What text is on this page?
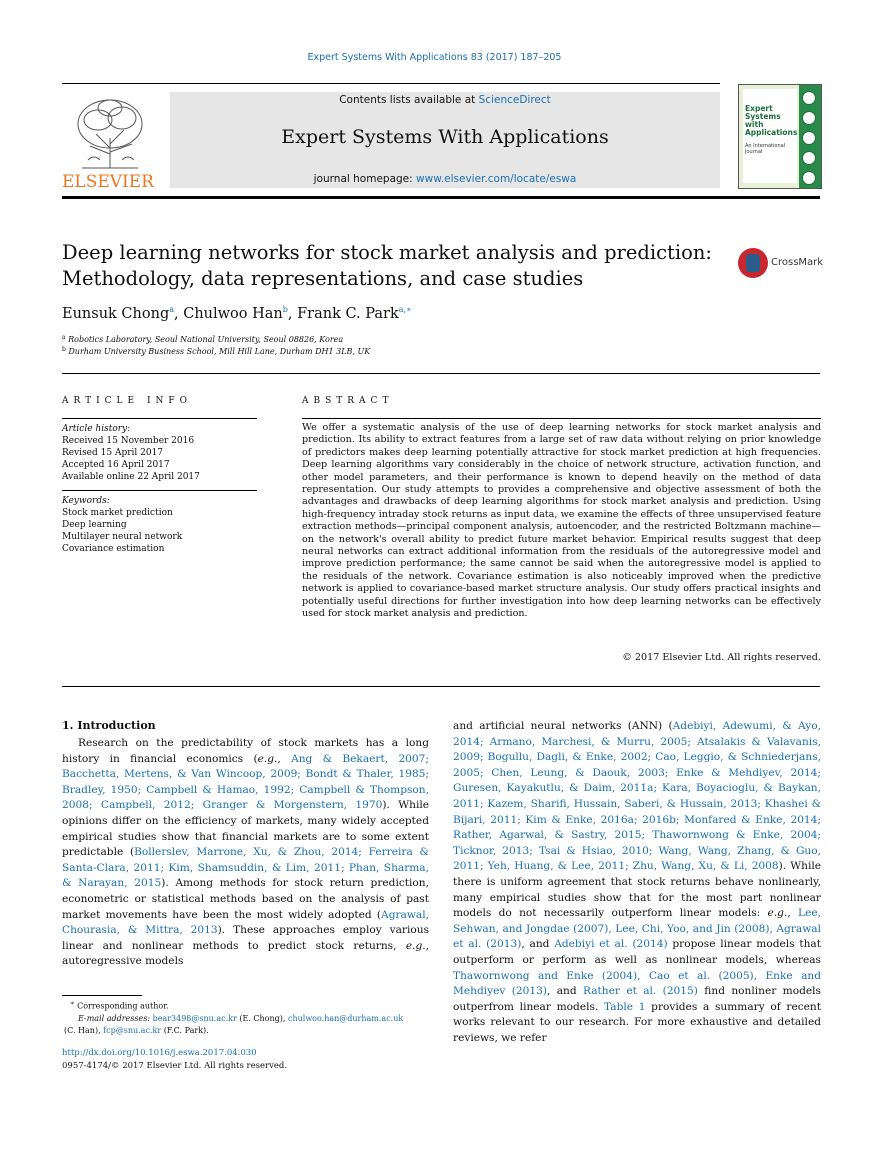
Expert Systems With Applications 83 (2017) 187–205
ELSEVIER
Contents lists available at ScienceDirect
Expert Systems With Applications
journal homepage: www.elsevier.com/locate/eswa
Expert Systems with Applications
An International Journal
Deep learning networks for stock market analysis and prediction:
Methodology, data representations, and case studies
CrossMark
Eunsuk Chong$^a$, Chulwoo Han$^b$, Frank C. Park$^{a,∗}$
$^a$ Robotics Laboratory, Seoul National University, Seoul 08826, Korea
$^b$ Durham University Business School, Mill Hill Lane, Durham DH1 3LB, UK
ARTICLE INFO
Article history:
Received 15 November 2016
Revised 15 April 2017
Accepted 16 April 2017
Available online 22 April 2017
Keywords:
Stock market prediction
Deep learning
Multilayer neural network
Covariance estimation
ABSTRACT
We offer a systematic analysis of the use of deep learning networks for stock market analysis and prediction. Its ability to extract features from a large set of raw data without relying on prior knowledge of predictors makes deep learning potentially attractive for stock market prediction at high frequencies. Deep learning algorithms vary considerably in the choice of network structure, activation function, and other model parameters, and their performance is known to depend heavily on the method of data representation. Our study attempts to provides a comprehensive and objective assessment of both the advantages and drawbacks of deep learning algorithms for stock market analysis and prediction. Using high-frequency intraday stock returns as input data, we examine the effects of three unsupervised feature extraction methods—principal component analysis, autoencoder, and the restricted Boltzmann machine—on the network's overall ability to predict future market behavior. Empirical results suggest that deep neural networks can extract additional information from the residuals of the autoregressive model and improve prediction performance; the same cannot be said when the autoregressive model is applied to the residuals of the network. Covariance estimation is also noticeably improved when the predictive network is applied to covariance-based market structure analysis. Our study offers practical insights and potentially useful directions for further investigation into how deep learning networks can be effectively used for stock market analysis and prediction.
© 2017 Elsevier Ltd. All rights reserved.
1. Introduction
Research on the predictability of stock markets has a long history in financial economics (e.g., Ang & Bekaert, 2007; Bacchetta, Mertens, & Van Wincoop, 2009; Bondt & Thaler, 1985; Bradley, 1950; Campbell & Hamao, 1992; Campbell & Thompson, 2008; Campbell, 2012; Granger & Morgenstern, 1970). While opinions differ on the efficiency of markets, many widely accepted empirical studies show that financial markets are to some extent predictable (Bollerslev, Marrone, Xu, & Zhou, 2014; Ferreira & Santa-Clara, 2011; Kim, Shamsuddin, & Lim, 2011; Phan, Sharma, & Narayan, 2015). Among methods for stock return prediction, econometric or statistical methods based on the analysis of past market movements have been the most widely adopted (Agrawal, Chourasia, & Mittra, 2013). These approaches employ various linear and nonlinear methods to predict stock returns, e.g., autoregressive models
and artificial neural networks (ANN) (Adebiyi, Adewumi, & Ayo, 2014; Armano, Marchesi, & Murru, 2005; Atsalakis & Valavanis, 2009; Bogullu, Dagli, & Enke, 2002; Cao, Leggio, & Schniederjans, 2005; Chen, Leung, & Daouk, 2003; Enke & Mehdiyev, 2014; Guresen, Kayakutlu, & Daim, 2011a; Kara, Boyacioglu, & Baykan, 2011; Kazem, Sharifi, Hussain, Saberi, & Hussain, 2013; Khashei & Bijari, 2011; Kim & Enke, 2016a; 2016b; Monfared & Enke, 2014; Rather, Agarwal, & Sastry, 2015; Thawornwong & Enke, 2004; Ticknor, 2013; Tsai & Hsiao, 2010; Wang, Wang, Zhang, & Guo, 2011; Yeh, Huang, & Lee, 2011; Zhu, Wang, Xu, & Li, 2008). While there is uniform agreement that stock returns behave nonlinearly, many empirical studies show that for the most part nonlinear models do not necessarily outperform linear models: e.g., Lee, Sehwan, and Jongdae (2007), Lee, Chi, Yoo, and Jin (2008), Agrawal et al. (2013), and Adebiyi et al. (2014) propose linear models that outperform or perform as well as nonlinear models, whereas Thawornwong and Enke (2004), Cao et al. (2005), Enke and Mehdiyev (2013), and Rather et al. (2015) find nonliner models outperfrom linear models. Table 1 provides a summary of recent works relevant to our research. For more exhaustive and detailed reviews, we refer
∗ Corresponding author.
E-mail addresses: bear3498@snu.ac.kr (E. Chong), chulwoo.han@durham.ac.uk
(C. Han), fcp@snu.ac.kr (F.C. Park).
http://dx.doi.org/10.1016/j.eswa.2017.04.030
0957-4174/© 2017 Elsevier Ltd. All rights reserved.
